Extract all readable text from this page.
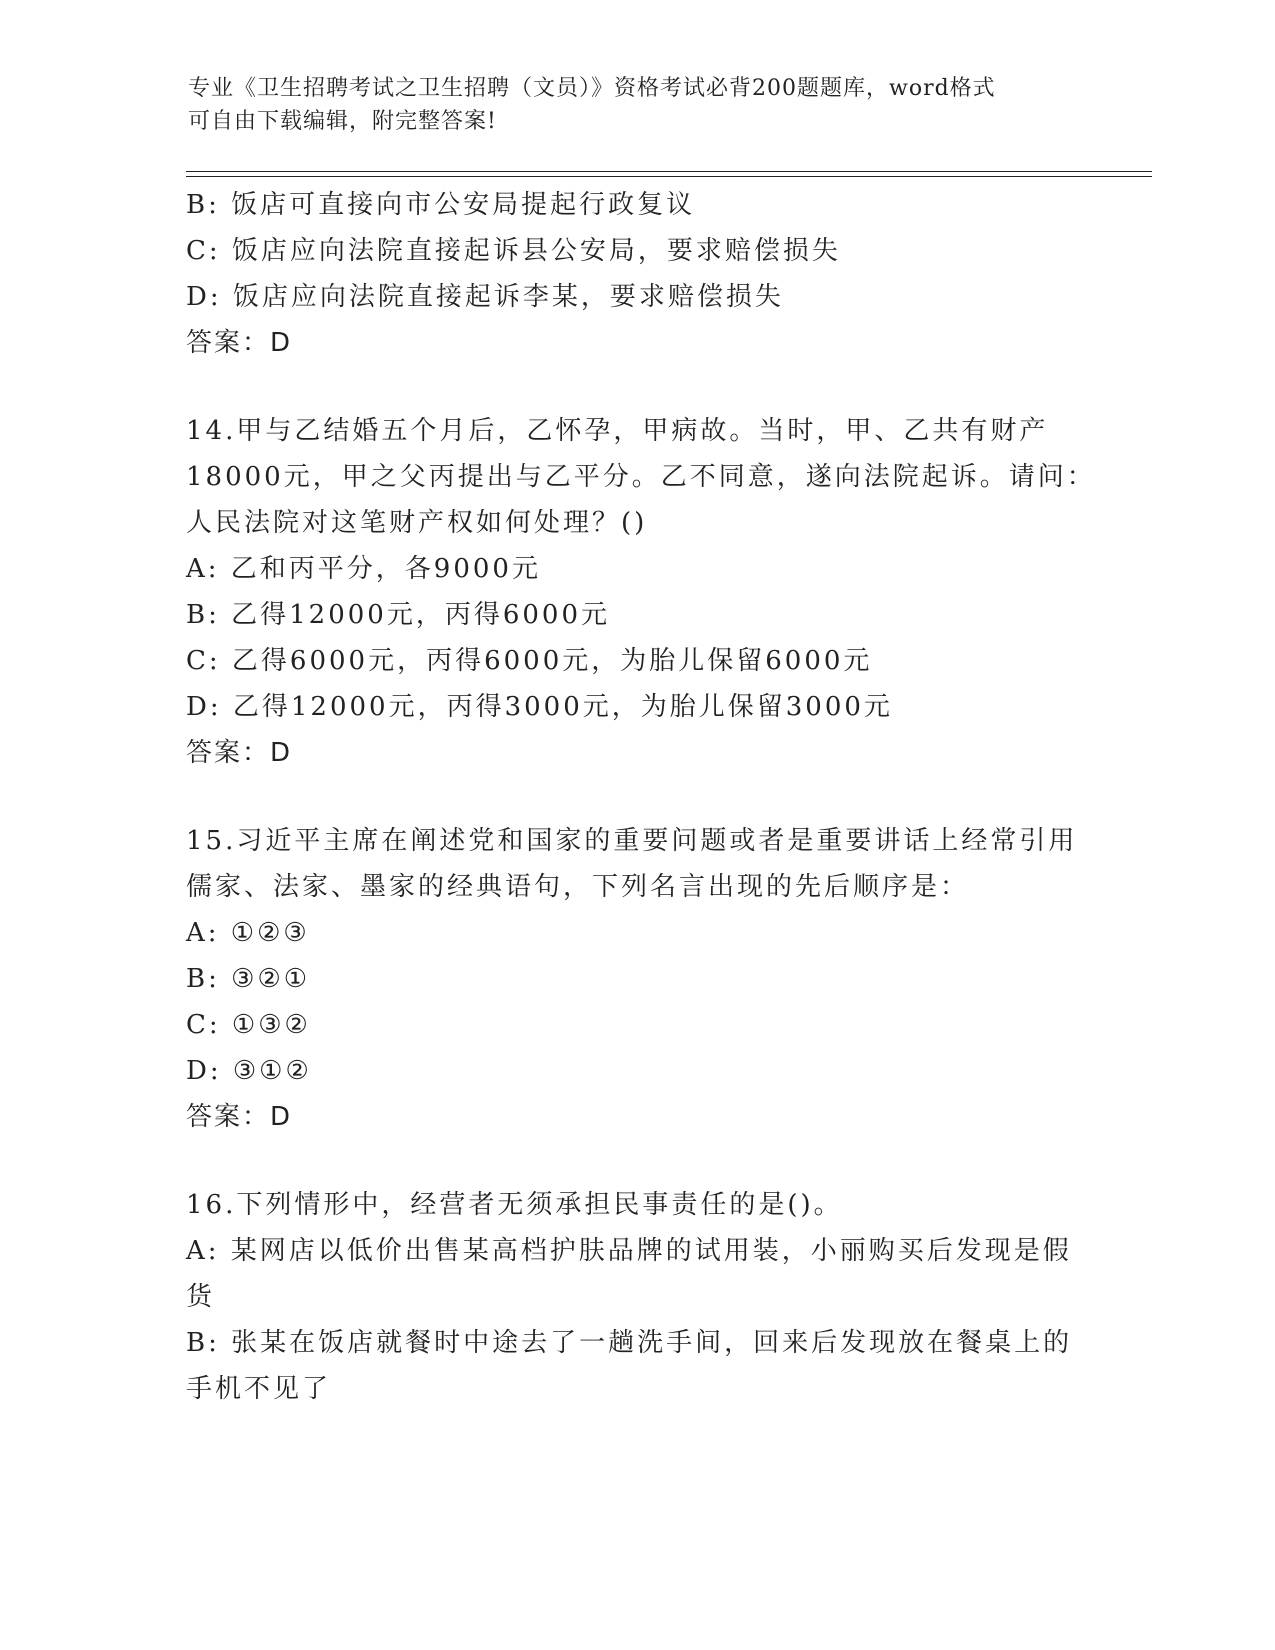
专业《卫生招聘考试之卫生招聘（文员）》资格考试必背200题题库，word格式
可自由下载编辑，附完整答案!
B: 饭店可直接向市公安局提起行政复议
C: 饭店应向法院直接起诉县公安局，要求赔偿损失
D: 饭店应向法院直接起诉李某，要求赔偿损失
答案：D
14.甲与乙结婚五个月后，乙怀孕，甲病故。当时，甲、乙共有财产
18000元，甲之父丙提出与乙平分。乙不同意，遂向法院起诉。请问：
人民法院对这笔财产权如何处理？()
A: 乙和丙平分，各9000元
B: 乙得12000元，丙得6000元
C: 乙得6000元，丙得6000元，为胎儿保留6000元
D: 乙得12000元，丙得3000元，为胎儿保留3000元
答案：D
15.习近平主席在阐述党和国家的重要问题或者是重要讲话上经常引用
儒家、法家、墨家的经典语句，下列名言出现的先后顺序是：
A: ①②③
B: ③②①
C: ①③②
D: ③①②
答案：D
16.下列情形中，经营者无须承担民事责任的是()。
A: 某网店以低价出售某高档护肤品牌的试用装，小丽购买后发现是假
货
B: 张某在饭店就餐时中途去了一趟洗手间，回来后发现放在餐桌上的
手机不见了
